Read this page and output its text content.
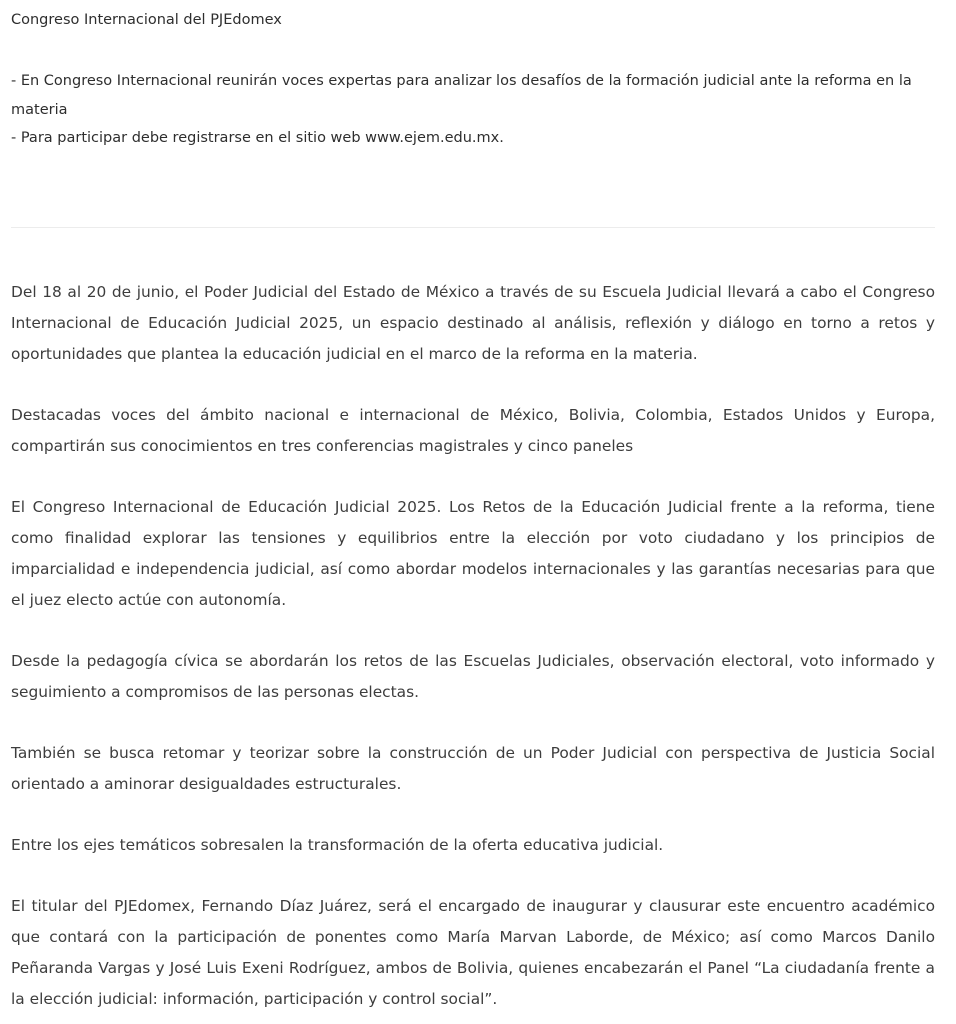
Congreso Internacional del PJEdomex
- En Congreso Internacional reunirán voces expertas para analizar los desafíos de la formación judicial ante la reforma en la materia
- Para participar debe registrarse en el sitio web www.ejem.edu.mx.

Del 18 al 20 de junio, el Poder Judicial del Estado de México a través de su Escuela Judicial llevará a cabo el Congreso Internacional de Educación Judicial 2025, un espacio destinado al análisis, reflexión y diálogo en torno a retos y oportunidades que plantea la educación judicial en el marco de la reforma en la materia.

Destacadas voces del ámbito nacional e internacional de México, Bolivia, Colombia, Estados Unidos y Europa, compartirán sus conocimientos en tres conferencias magistrales y cinco paneles

El Congreso Internacional de Educación Judicial 2025. Los Retos de la Educación Judicial frente a la reforma, tiene como finalidad explorar las tensiones y equilibrios entre la elección por voto ciudadano y los principios de imparcialidad e independencia judicial, así como abordar modelos internacionales y las garantías necesarias para que el juez electo actúe con autonomía.

Desde la pedagogía cívica se abordarán los retos de las Escuelas Judiciales, observación electoral, voto informado y seguimiento a compromisos de las personas electas.

También se busca retomar y teorizar sobre la construcción de un Poder Judicial con perspectiva de Justicia Social orientado a aminorar desigualdades estructurales.

Entre los ejes temáticos sobresalen la transformación de la oferta educativa judicial.

El titular del PJEdomex, Fernando Díaz Juárez, será el encargado de inaugurar y clausurar este encuentro académico que contará con la participación de ponentes como María Marvan Laborde, de México; así como Marcos Danilo Peñaranda Vargas y José Luis Exeni Rodríguez, ambos de Bolivia, quienes encabezarán el Panel “La ciudadanía frente a la elección judicial: información, participación y control social”.
